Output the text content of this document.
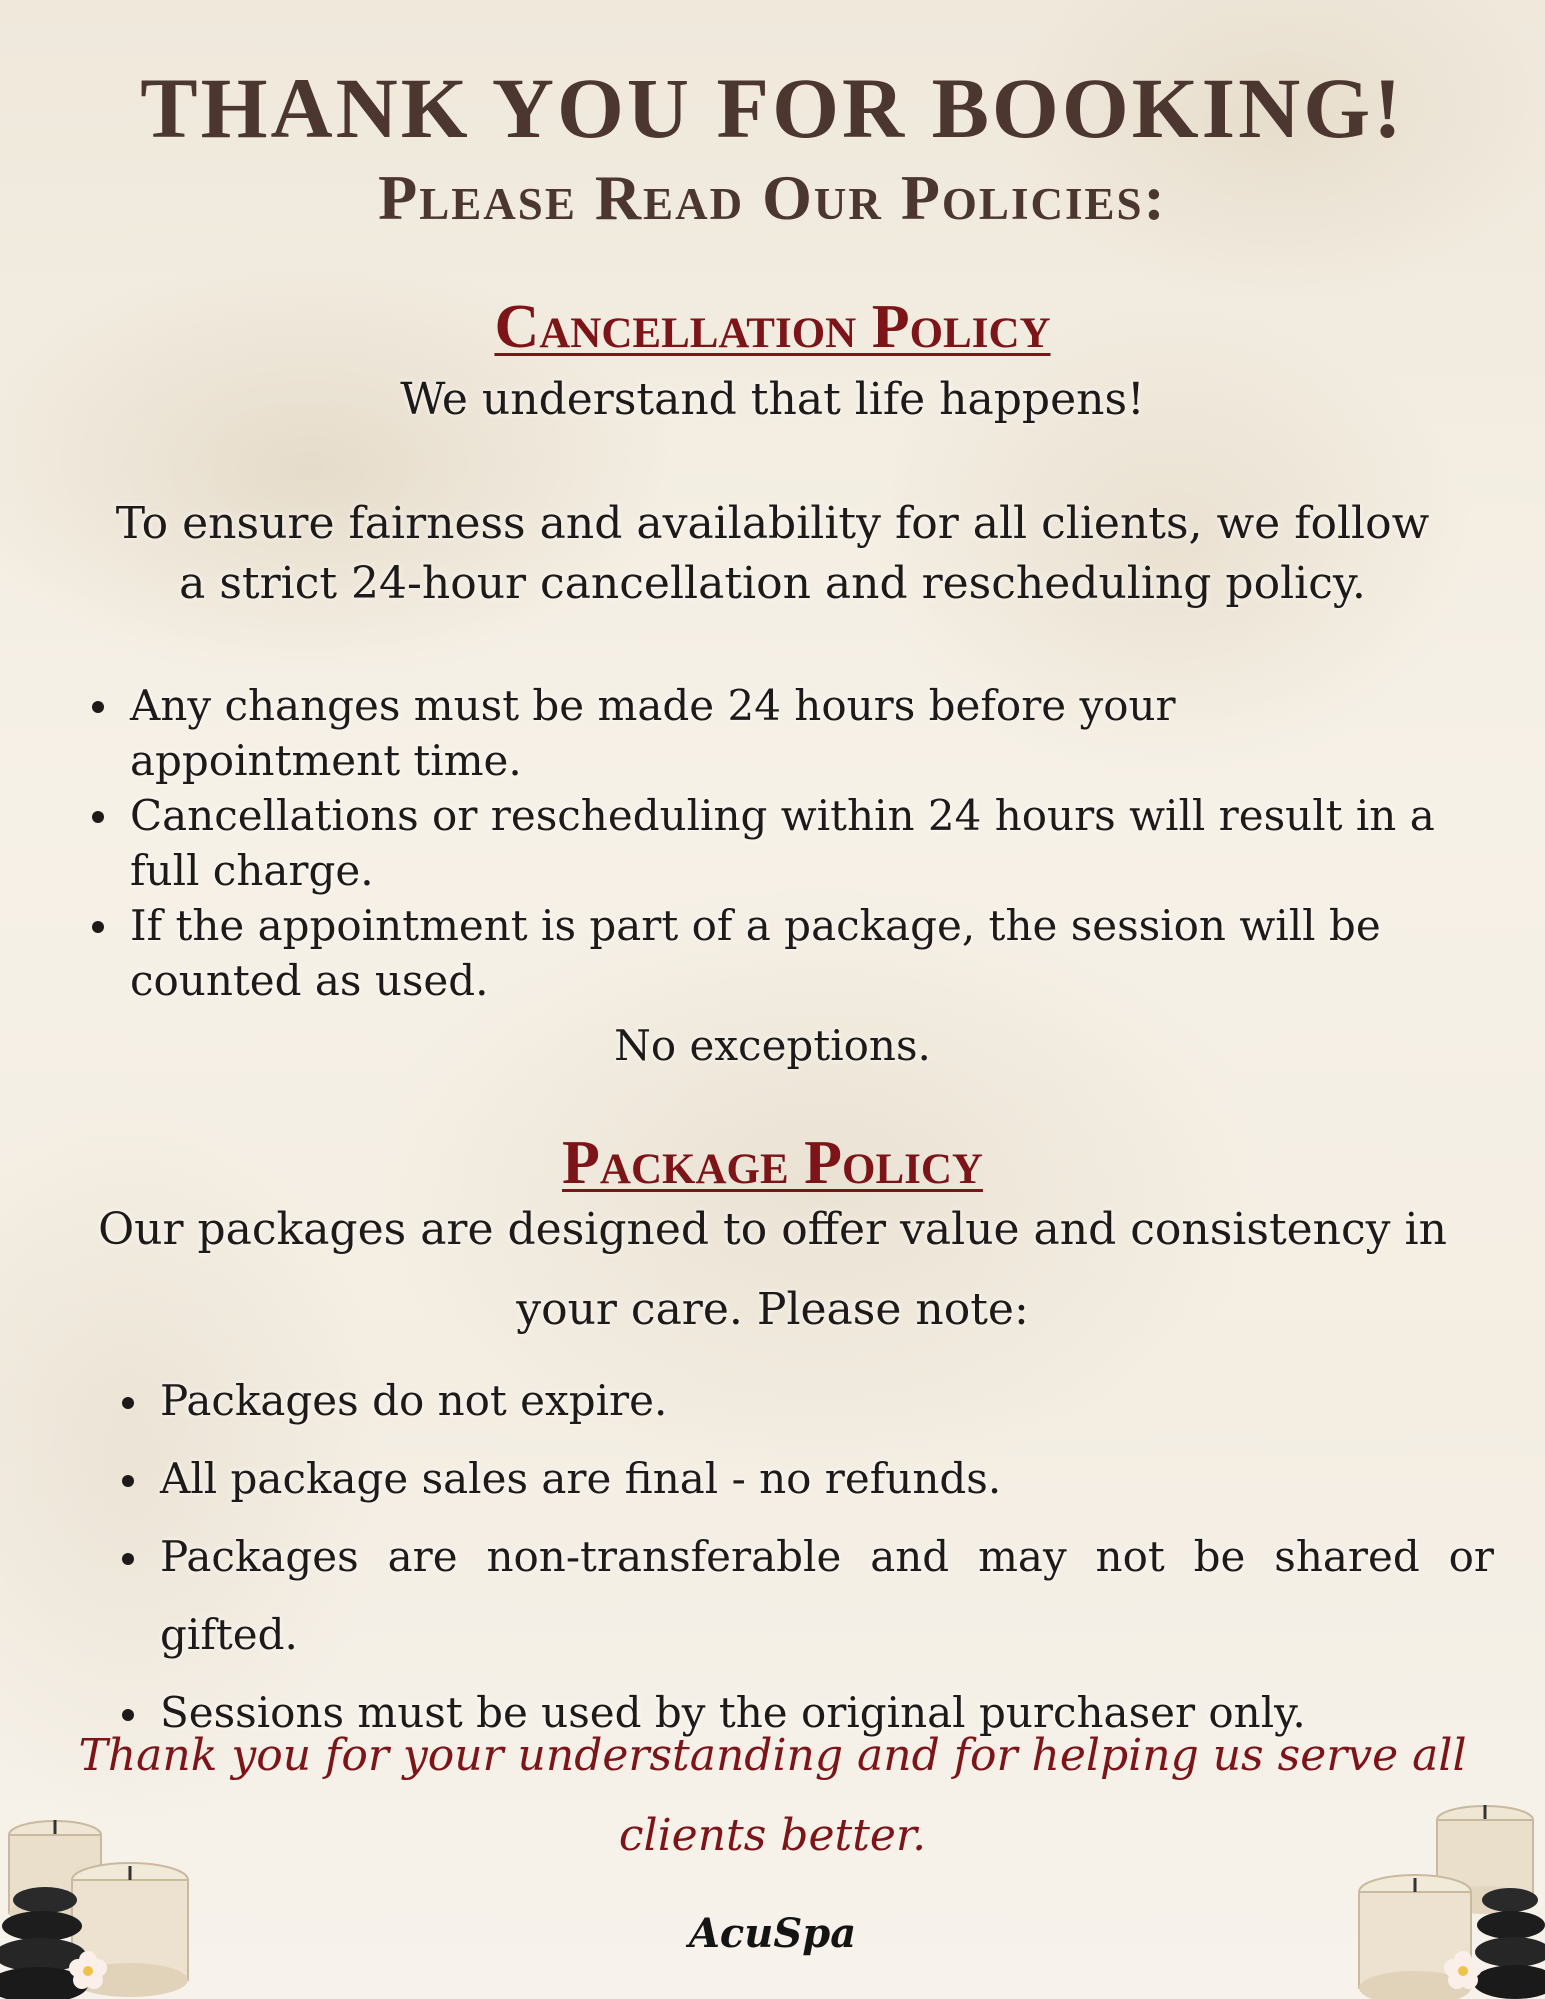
THANK YOU FOR BOOKING!
Please Read Our Policies:
Cancellation Policy
We understand that life happens!
To ensure fairness and availability for all clients, we follow
a strict 24-hour cancellation and rescheduling policy.
Any changes must be made 24 hours before your appointment time.
Cancellations or rescheduling within 24 hours will result in a full charge.
If the appointment is part of a package, the session will be counted as used.
No exceptions.
Package Policy
Our packages are designed to offer value and consistency in
your care. Please note:
Packages do not expire.
All package sales are final - no refunds.
Packages are non-transferable and may not be shared or gifted.
Sessions must be used by the original purchaser only.
Thank you for your understanding and for helping us serve all
clients better.
AcuSpa
